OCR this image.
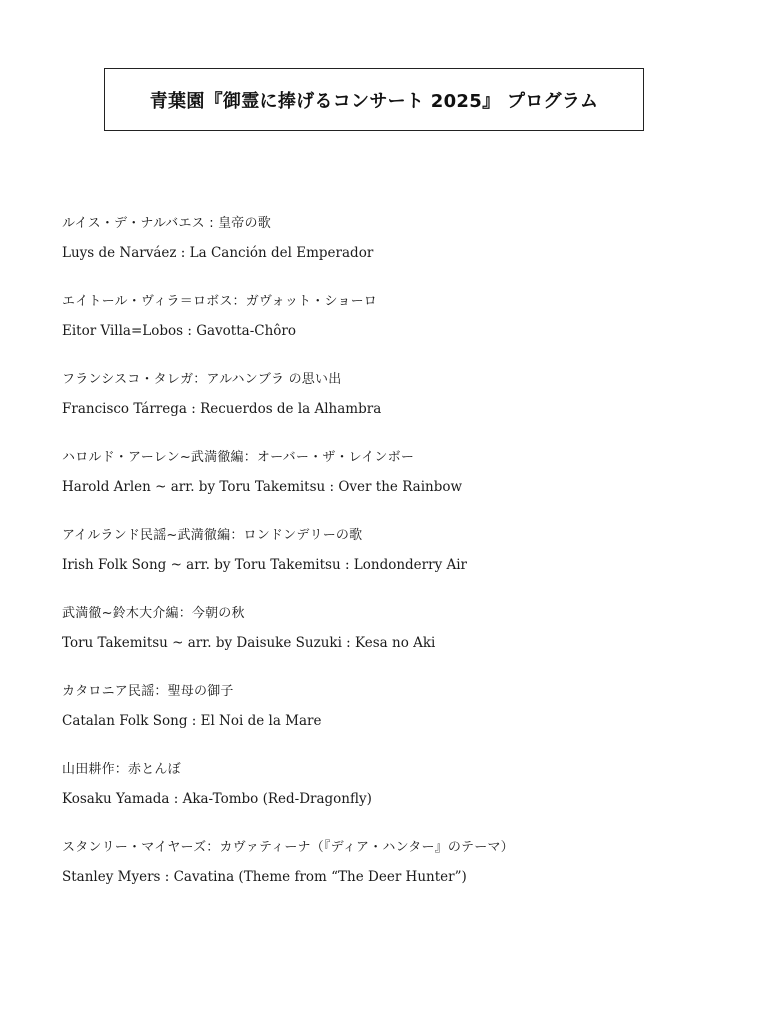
青葉園『御霊に捧げるコンサート 2025』 プログラム
ルイス・デ・ナルバエス : 皇帝の歌
Luys de Narváez : La Canción del Emperador
エイトール・ヴィラ＝ロボス：ガヴォット・ショーロ
Eitor Villa=Lobos : Gavotta-Chôro
フランシスコ・タレガ：アルハンブラ の思い出
Francisco Tárrega : Recuerdos de la Alhambra
ハロルド・アーレン~武満徹編：オーバー・ザ・レインボー
Harold Arlen ~ arr. by Toru Takemitsu : Over the Rainbow
アイルランド民謡~武満徹編：ロンドンデリーの歌
Irish Folk Song ~ arr. by Toru Takemitsu : Londonderry Air
武満徹~鈴木大介編：今朝の秋
Toru Takemitsu ~ arr. by Daisuke Suzuki : Kesa no Aki
カタロニア民謡：聖母の御子
Catalan Folk Song : El Noi de la Mare
山田耕作：赤とんぼ
Kosaku Yamada : Aka-Tombo (Red-Dragonfly)
スタンリー・マイヤーズ：カヴァティーナ（『ディア・ハンター』のテーマ）
Stanley Myers : Cavatina (Theme from “The Deer Hunter”)
